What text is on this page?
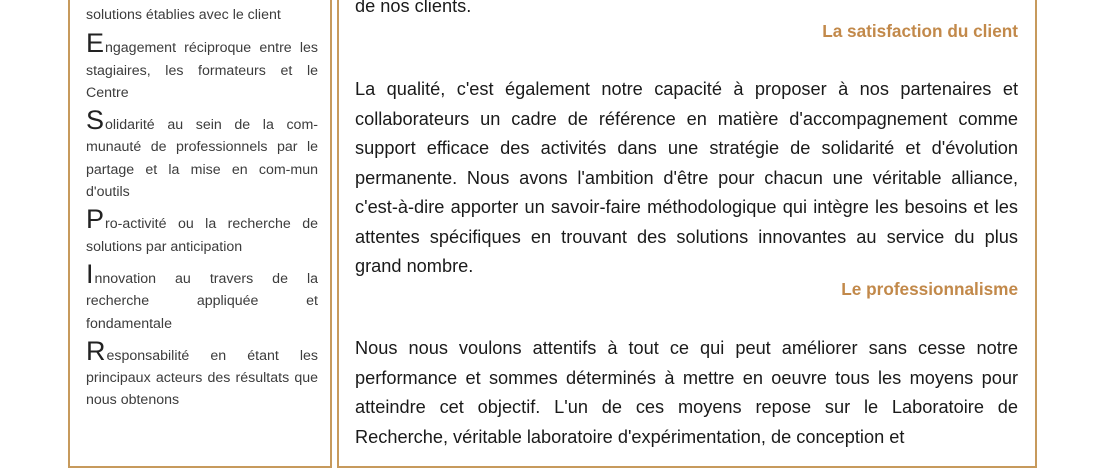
solutions établies avec le client

Engagement réciproque entre les stagiaires, les formateurs et le Centre

Solidarité au sein de la com-munauté de professionnels par le partage et la mise en com-mun d'outils

Pro-activité ou la recherche de solutions par anticipation

Innovation au travers de la recherche appliquée et fondamentale

Responsabilité en étant les principaux acteurs des résultats que nous obtenons

de nos clients.

La satisfaction du client

La qualité, c'est également notre capacité à proposer à nos partenaires et collaborateurs un cadre de référence en matière d'accompagnement comme support efficace des activités dans une stratégie de solidarité et d'évolution permanente. Nous avons l'ambition d'être pour chacun une véritable alliance, c'est-à-dire apporter un savoir-faire méthodologique qui intègre les besoins et les attentes spécifiques en trouvant des solutions innovantes au service du plus grand nombre.

Le professionnalisme

Nous nous voulons attentifs à tout ce qui peut améliorer sans cesse notre performance et sommes déterminés à mettre en oeuvre tous les moyens pour atteindre cet objectif. L'un de ces moyens repose sur le Laboratoire de Recherche, véritable laboratoire d'expérimentation, de conception et
